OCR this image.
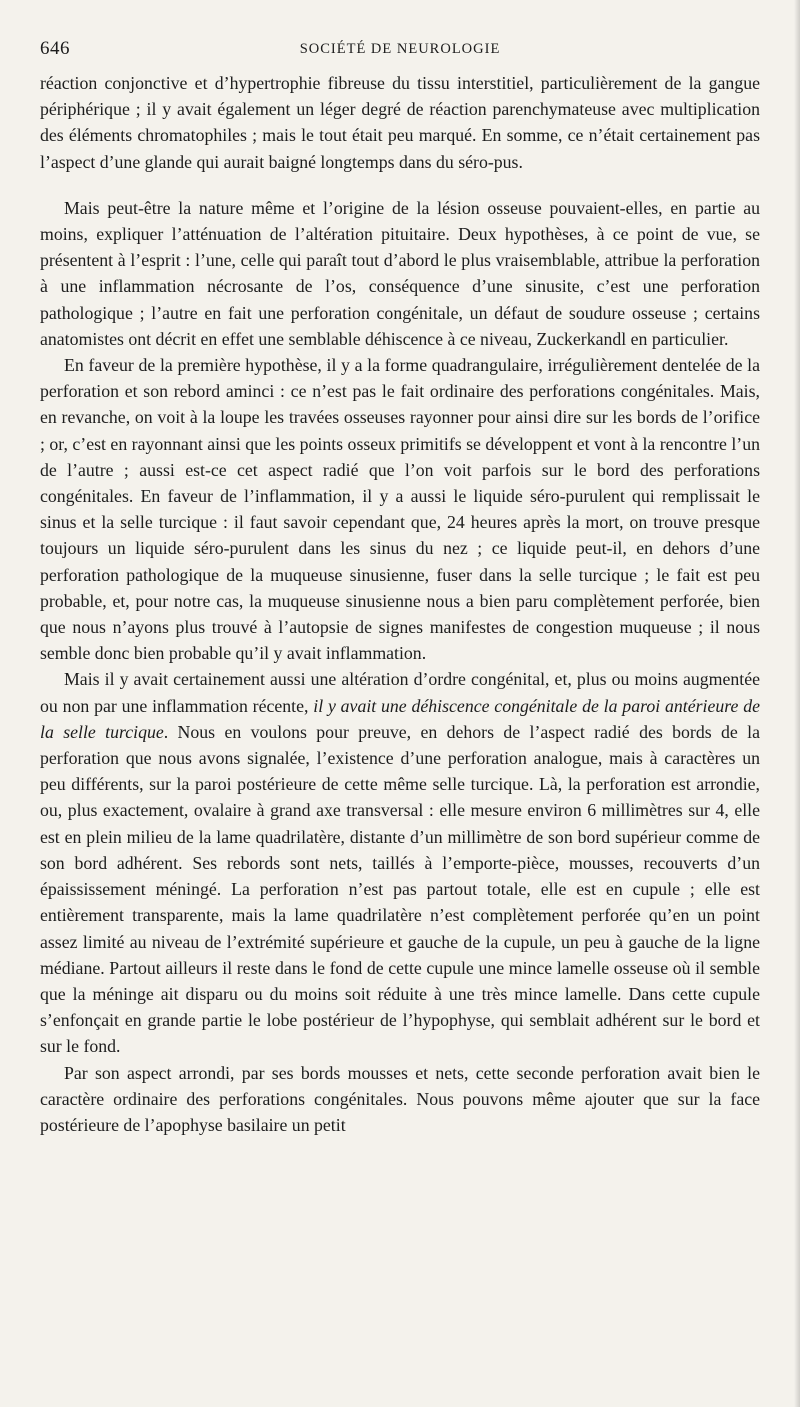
646	SOCIÉTÉ DE NEUROLOGIE

réaction conjonctive et d’hypertrophie fibreuse du tissu interstitiel, particulièrement de la gangue périphérique ; il y avait également un léger degré de réaction parenchymateuse avec multiplication des éléments chromatophiles ; mais le tout était peu marqué. En somme, ce n’était certainement pas l’aspect d’une glande qui aurait baigné longtemps dans du séro-pus.

Mais peut-être la nature même et l’origine de la lésion osseuse pouvaient-elles, en partie au moins, expliquer l’atténuation de l’altération pituitaire. Deux hypothèses, à ce point de vue, se présentent à l’esprit : l’une, celle qui paraît tout d’abord le plus vraisemblable, attribue la perforation à une inflammation nécrosante de l’os, conséquence d’une sinusite, c’est une perforation pathologique ; l’autre en fait une perforation congénitale, un défaut de soudure osseuse ; certains anatomistes ont décrit en effet une semblable déhiscence à ce niveau, Zuckerkandl en particulier.

En faveur de la première hypothèse, il y a la forme quadrangulaire, irrégulièrement dentelée de la perforation et son rebord aminci : ce n’est pas le fait ordinaire des perforations congénitales. Mais, en revanche, on voit à la loupe les travées osseuses rayonner pour ainsi dire sur les bords de l’orifice ; or, c’est en rayonnant ainsi que les points osseux primitifs se développent et vont à la rencontre l’un de l’autre ; aussi est-ce cet aspect radié que l’on voit parfois sur le bord des perforations congénitales. En faveur de l’inflammation, il y a aussi le liquide séro-purulent qui remplissait le sinus et la selle turcique : il faut savoir cependant que, 24 heures après la mort, on trouve presque toujours un liquide séro-purulent dans les sinus du nez ; ce liquide peut-il, en dehors d’une perforation pathologique de la muqueuse sinusienne, fuser dans la selle turcique ; le fait est peu probable, et, pour notre cas, la muqueuse sinusienne nous a bien paru complètement perforée, bien que nous n’ayons plus trouvé à l’autopsie de signes manifestes de congestion muqueuse ; il nous semble donc bien probable qu’il y avait inflammation.

Mais il y avait certainement aussi une altération d’ordre congénital, et, plus ou moins augmentée ou non par une inflammation récente, il y avait une déhiscence congénitale de la paroi antérieure de la selle turcique. Nous en voulons pour preuve, en dehors de l’aspect radié des bords de la perforation que nous avons signalée, l’existence d’une perforation analogue, mais à caractères un peu différents, sur la paroi postérieure de cette même selle turcique. Là, la perforation est arrondie, ou, plus exactement, ovalaire à grand axe transversal : elle mesure environ 6 millimètres sur 4, elle est en plein milieu de la lame quadrilatère, distante d’un millimètre de son bord supérieur comme de son bord adhérent. Ses rebords sont nets, taillés à l’emporte-pièce, mousses, recouverts d’un épaississement méningé. La perforation n’est pas partout totale, elle est en cupule ; elle est entièrement transparente, mais la lame quadrilatère n’est complètement perforée qu’en un point assez limité au niveau de l’extrémité supérieure et gauche de la cupule, un peu à gauche de la ligne médiane. Partout ailleurs il reste dans le fond de cette cupule une mince lamelle osseuse où il semble que la méninge ait disparu ou du moins soit réduite à une très mince lamelle. Dans cette cupule s’enfonçait en grande partie le lobe postérieur de l’hypophyse, qui semblait adhérent sur le bord et sur le fond.

Par son aspect arrondi, par ses bords mousses et nets, cette seconde perforation avait bien le caractère ordinaire des perforations congénitales. Nous pouvons même ajouter que sur la face postérieure de l’apophyse basilaire un petit
